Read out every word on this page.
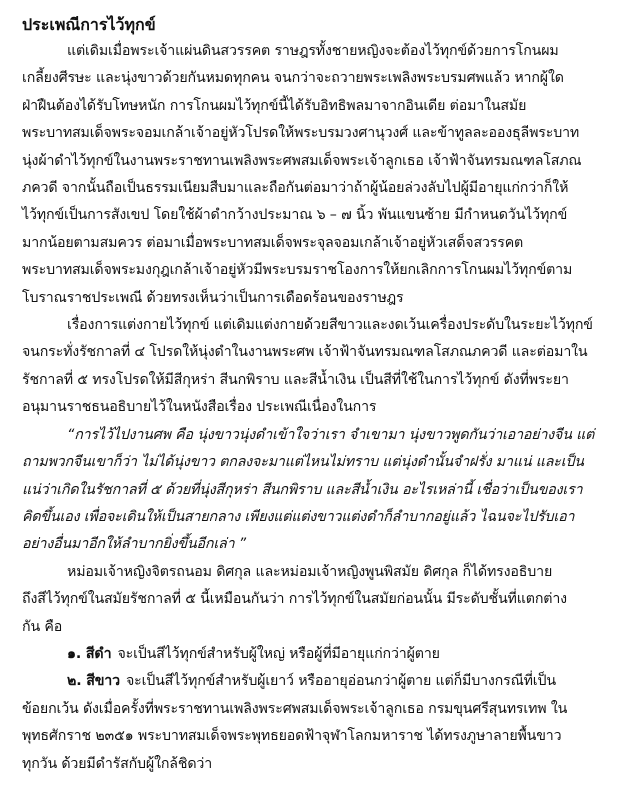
ประเพณีการไว้ทุกข์
แต่เดิมเมื่อพระเจ้าแผ่นดินสวรรคต ราษฎรทั้งชายหญิงจะต้องไว้ทุกข์ด้วยการโกนผม
เกลี้ยงศีรษะ และนุ่งขาวด้วยกันหมดทุกคน จนกว่าจะถวายพระเพลิงพระบรมศพแล้ว หากผู้ใด
ฝ่าฝืนต้องได้รับโทษหนัก การโกนผมไว้ทุกข์นี้ได้รับอิทธิพลมาจากอินเดีย ต่อมาในสมัย
พระบาทสมเด็จพระจอมเกล้าเจ้าอยู่หัวโปรดให้พระบรมวงศานุวงศ์ และข้าทูลละอองธุลีพระบาท
นุ่งผ้าดำไว้ทุกข์ในงานพระราชทานเพลิงพระศพสมเด็จพระเจ้าลูกเธอ เจ้าฟ้าจันทรมณฑลโสภณ
ภควดี จากนั้นถือเป็นธรรมเนียมสืบมาและถือกันต่อมาว่าถ้าผู้น้อยล่วงลับไปผู้มีอายุแก่กว่าก็ให้
ไว้ทุกข์เป็นการสังเขป โดยใช้ผ้าดำกว้างประมาณ ๖ – ๗ นิ้ว พันแขนซ้าย มีกำหนดวันไว้ทุกข์
มากน้อยตามสมควร ต่อมาเมื่อพระบาทสมเด็จพระจุลจอมเกล้าเจ้าอยู่หัวเสด็จสวรรคต
พระบาทสมเด็จพระมงกุฎเกล้าเจ้าอยู่หัวมีพระบรมราชโองการให้ยกเลิกการโกนผมไว้ทุกข์ตาม
โบราณราชประเพณี ด้วยทรงเห็นว่าเป็นการเดือดร้อนของราษฎร
เรื่องการแต่งกายไว้ทุกข์ แต่เดิมแต่งกายด้วยสีขาวและงดเว้นเครื่องประดับในระยะไว้ทุกข์
จนกระทั่งรัชกาลที่ ๔ โปรดให้นุ่งดำในงานพระศพ เจ้าฟ้าจันทรมณฑลโสภณภควดี และต่อมาใน
รัชกาลที่ ๕ ทรงโปรดให้มีสีกุหร่า สีนกพิราบ และสีน้ำเงิน เป็นสีที่ใช้ในการไว้ทุกข์ ดังที่พระยา
อนุมานราชธนอธิบายไว้ในหนังสือเรื่อง ประเพณีเนื่องในการ
“การไว้ไปงานศพ คือ นุ่งขาวนุ่งดำเข้าใจว่าเรา จำเขามา นุ่งขาวพูดกันว่าเอาอย่างจีน แต่
ถามพวกจีนเขาก็ว่า ไม่ได้นุ่งขาว ตกลงจะมาแต่ไหนไม่ทราบ แต่นุ่งดำนั้นจำฝรั่ง มาแน่ และเป็น
แน่ว่าเกิดในรัชกาลที่ ๕ ด้วยที่นุ่งสีกุหร่า สีนกพิราบ และสีน้ำเงิน อะไรเหล่านี้ เชื่อว่าเป็นของเรา
คิดขึ้นเอง เพื่อจะเดินให้เป็นสายกลาง เพียงแต่แต่งขาวแต่งดำก็ลำบากอยู่แล้ว ไฉนจะไปรับเอา
อย่างอื่นมาอีกให้ลำบากยิ่งขึ้นอีกเล่า ”
หม่อมเจ้าหญิงจิตรถนอม ดิศกุล และหม่อมเจ้าหญิงพูนพิสมัย ดิศกุล ก็ได้ทรงอธิบาย
ถึงสีไว้ทุกข์ในสมัยรัชกาลที่ ๕ นี้เหมือนกันว่า การไว้ทุกข์ในสมัยก่อนนั้น มีระดับชั้นที่แตกต่าง
กัน คือ
๑. สีดำ จะเป็นสีไว้ทุกข์สำหรับผู้ใหญ่ หรือผู้ที่มีอายุแก่กว่าผู้ตาย
๒. สีขาว จะเป็นสีไว้ทุกข์สำหรับผู้เยาว์ หรืออายุอ่อนกว่าผู้ตาย แต่ก็มีบางกรณีที่เป็น
ข้อยกเว้น ดังเมื่อครั้งที่พระราชทานเพลิงพระศพสมเด็จพระเจ้าลูกเธอ กรมขุนศรีสุนทรเทพ ใน
พุทธศักราช ๒๓๕๑ พระบาทสมเด็จพระพุทธยอดฟ้าจุฬาโลกมหาราช ได้ทรงภูษาลายพื้นขาว
ทุกวัน ด้วยมีดำรัสกับผู้ใกล้ชิดว่า
